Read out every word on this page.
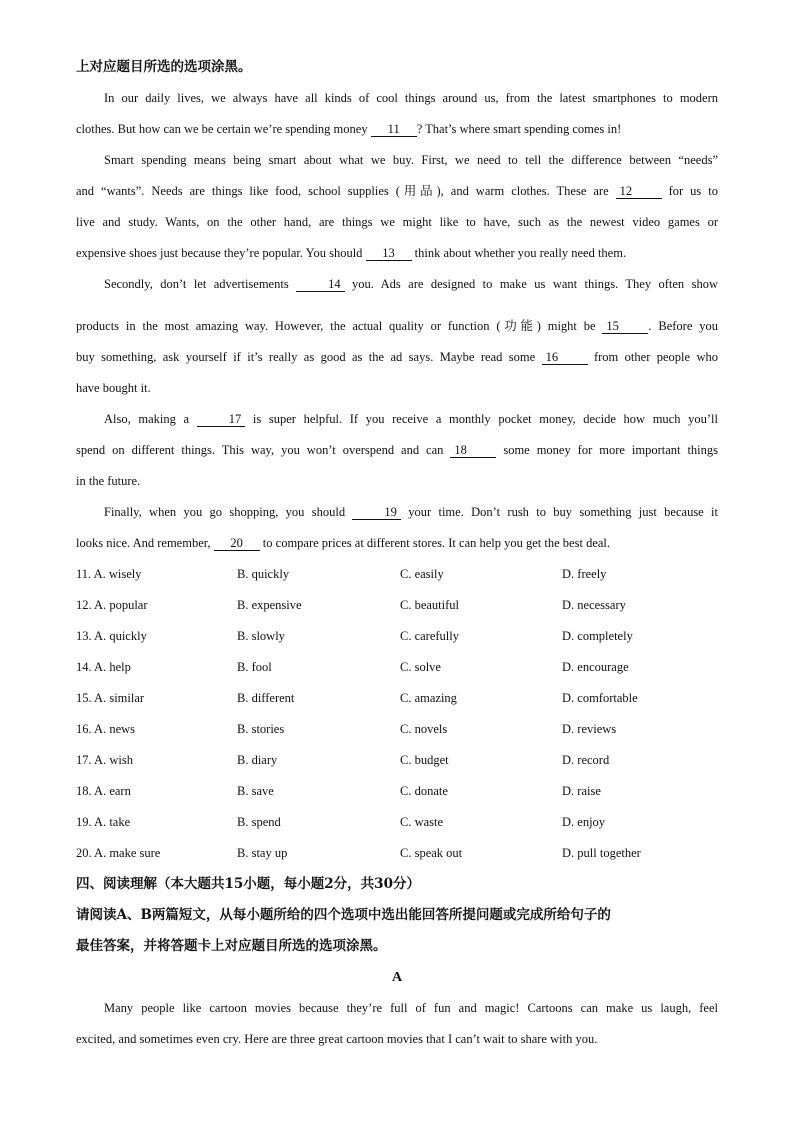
上对应题目所选的选项涂黑。
In our daily lives, we always have all kinds of cool things around us, from the latest smartphones to modern
clothes. But how can we be certain we’re spending money 11 ? That’s where smart spending comes in!
Smart spending means being smart about what we buy. First, we need to tell the difference between “needs”
and “wants”. Needs are things like food, school supplies (用品), and warm clothes. These are 12 for us to
live and study. Wants, on the other hand, are things we might like to have, such as the newest video games or
expensive shoes just because they’re popular. You should 13 think about whether you really need them.
Secondly, don’t let advertisements	14 you. Ads are designed to make us want things. They often show
products in the most amazing way. However, the actual quality or function (功能) might be 15 . Before you
buy something, ask yourself if it’s really as good as the ad says. Maybe read some 16 from other people who
have bought it.
Also, making a	17 is super helpful. If you receive a monthly pocket money, decide how much you’ll
spend on different things. This way, you won’t overspend and can 18 some money for more important things
in the future.
Finally, when you go shopping, you should	19 your time. Don’t rush to buy something just because it
looks nice. And remember, 20 to compare prices at different stores. It can help you get the best deal.
11. A. wisely	B. quickly	C. easily	D. freely
12. A. popular	B. expensive	C. beautiful	D. necessary
13. A. quickly	B. slowly	C. carefully	D. completely
14. A. help	B. fool	C. solve	D. encourage
15. A. similar	B. different	C. amazing	D. comfortable
16. A. news	B. stories	C. novels	D. reviews
17. A. wish	B. diary	C. budget	D. record
18. A. earn	B. save	C. donate	D. raise
19. A. take	B. spend	C. waste	D. enjoy
20. A. make sure	B. stay up	C. speak out	D. pull together
四、阅读理解（本大题共15小题，每小题2分，共30分）
请阅读A、B两篇短文，从每小题所给的四个选项中选出能回答所提问题或完成所给句子的
最佳答案，并将答题卡上对应题目所选的选项涂黑。
A
Many people like cartoon movies because they’re full of fun and magic! Cartoons can make us laugh, feel
excited, and sometimes even cry. Here are three great cartoon movies that I can’t wait to share with you.
